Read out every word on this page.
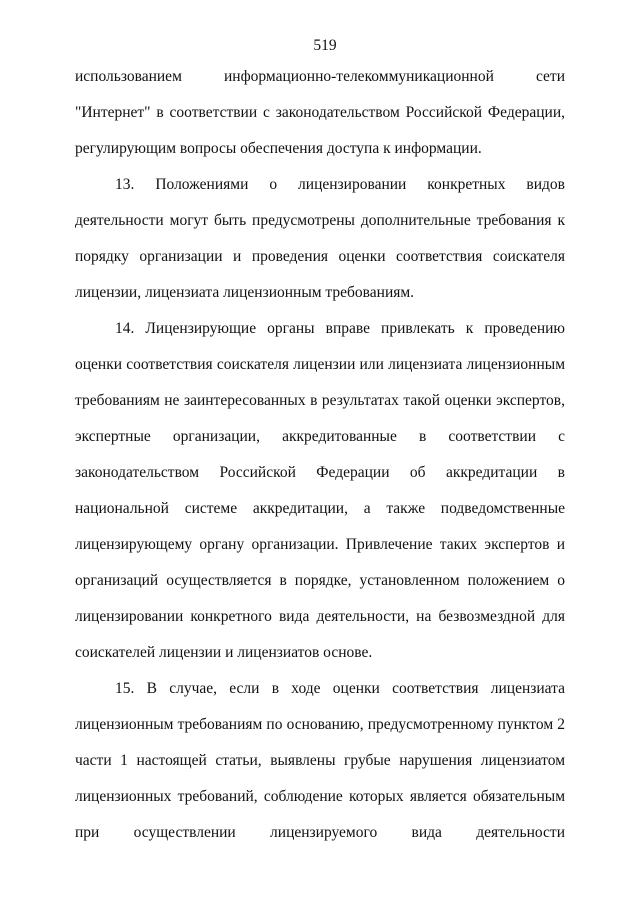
519

использованием информационно-телекоммуникационной сети "Интернет" в соответствии с законодательством Российской Федерации, регулирующим вопросы обеспечения доступа к информации.

13. Положениями о лицензировании конкретных видов деятельности могут быть предусмотрены дополнительные требования к порядку организации и проведения оценки соответствия соискателя лицензии, лицензиата лицензионным требованиям.

14. Лицензирующие органы вправе привлекать к проведению оценки соответствия соискателя лицензии или лицензиата лицензионным требованиям не заинтересованных в результатах такой оценки экспертов, экспертные организации, аккредитованные в соответствии с законодательством Российской Федерации об аккредитации в национальной системе аккредитации, а также подведомственные лицензирующему органу организации. Привлечение таких экспертов и организаций осуществляется в порядке, установленном положением о лицензировании конкретного вида деятельности, на безвозмездной для соискателей лицензии и лицензиатов основе.

15. В случае, если в ходе оценки соответствия лицензиата лицензионным требованиям по основанию, предусмотренному пунктом 2 части 1 настоящей статьи, выявлены грубые нарушения лицензиатом лицензионных требований, соблюдение которых является обязательным при осуществлении лицензируемого вида деятельности
